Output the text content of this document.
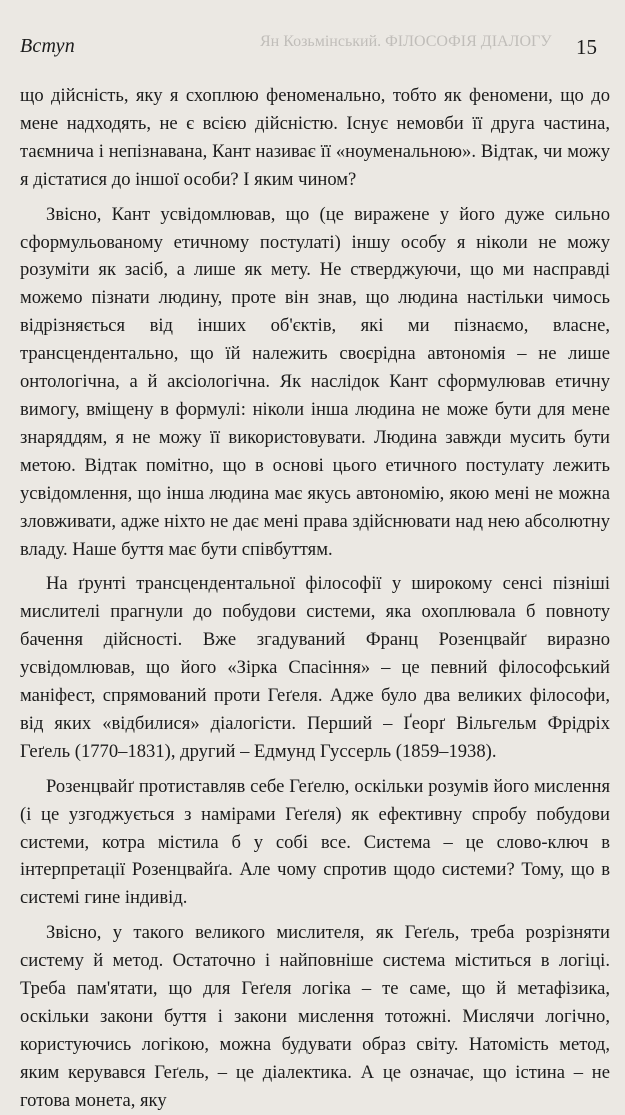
Вступ	Ян Козьмінський. ФІЛОСОФІЯ ДІАЛОГУ 15

що дійсність, яку я схоплюю феноменально, тобто як феномени, що до мене надходять, не є всією дійсністю. Існує немовби її друга частина, таємнича і непізнавана, Кант називає її «ноуменальною». Відтак, чи можу я дістатися до іншої особи? І яким чином?

Звісно, Кант усвідомлював, що (це виражене у його дуже сильно сформульованому етичному постулаті) іншу особу я ніколи не можу розуміти як засіб, а лише як мету. Не стверджуючи, що ми насправді можемо пізнати людину, проте він знав, що людина настільки чимось відрізняється від інших об'єктів, які ми пізнаємо, власне, трансцендентально, що їй належить своєрідна автономія – не лише онтологічна, а й аксіологічна. Як наслідок Кант сформулював етичну вимогу, вміщену в формулі: ніколи інша людина не може бути для мене знаряддям, я не можу її використовувати. Людина завжди мусить бути метою. Відтак помітно, що в основі цього етичного постулату лежить усвідомлення, що інша людина має якусь автономію, якою мені не можна зловживати, адже ніхто не дає мені права здійснювати над нею абсолютну владу. Наше буття має бути співбуттям.

На ґрунті трансцендентальної філософії у широкому сенсі пізніші мислителі прагнули до побудови системи, яка охоплювала б повноту бачення дійсності. Вже згадуваний Франц Розенцвайґ виразно усвідомлював, що його «Зірка Спасіння» – це певний філософський маніфест, спрямований проти Геґеля. Адже було два великих філософи, від яких «відбилися» діалогісти. Перший – Ґеорґ Вільгельм Фрідріх Геґель (1770–1831), другий – Едмунд Гуссерль (1859–1938).

Розенцвайґ протиставляв себе Геґелю, оскільки розумів його мислення (і це узгоджується з намірами Геґеля) як ефективну спробу побудови системи, котра містила б у собі все. Система – це слово-ключ в інтерпретації Розенцвайґа. Але чому спротив щодо системи? Тому, що в системі гине індивід.

Звісно, у такого великого мислителя, як Геґель, треба розрізняти систему й метод. Остаточно і найповніше система міститься в логіці. Треба пам'ятати, що для Геґеля логіка – те саме, що й метафізика, оскільки закони буття і закони мислення тотожні. Мислячи логічно, користуючись логікою, можна будувати образ світу. Натомість метод, яким керувався Геґель, – це діалектика. А це означає, що істина – не готова монета, яку
